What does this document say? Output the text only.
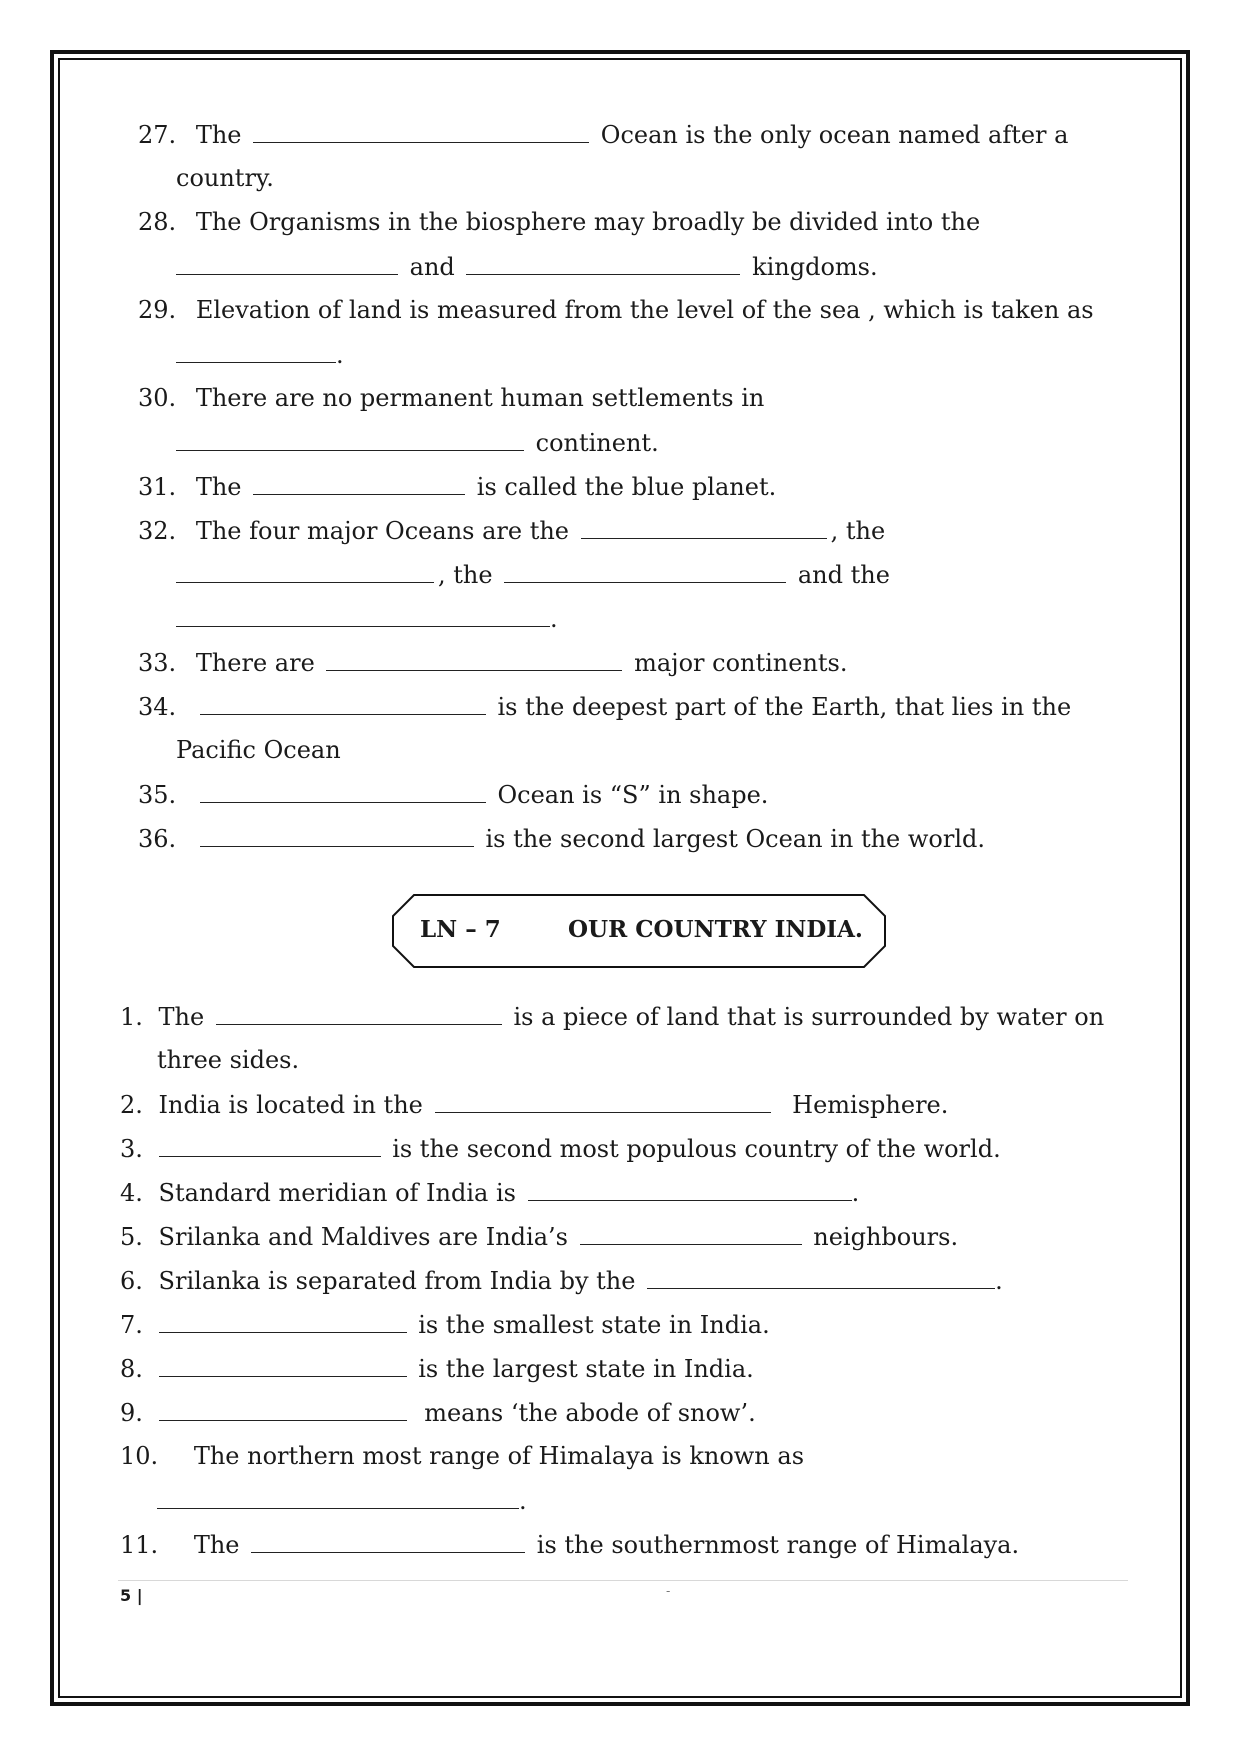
27. The	Ocean is the only ocean named after a
country.
28. The Organisms in the biosphere may broadly be divided into the
and	kingdoms.
29. Elevation of land is measured from the level of the sea , which is taken as
.
30. There are no permanent human settlements in
continent.
31. The	is called the blue planet.
32. The four major Oceans are the	, the
, the	and the
.
33. There are	major continents.
34.	is the deepest part of the Earth, that lies in the
Pacific Ocean
35.	Ocean is “S” in shape.
36.	is the second largest Ocean in the world.
LN – 7	OUR COUNTRY INDIA.
1. The	is a piece of land that is surrounded by water on
three sides.
2. India is located in the	Hemisphere.
3.	is the second most populous country of the world.
4. Standard meridian of India is	.
5. Srilanka and Maldives are India’s	neighbours.
6. Srilanka is separated from India by the	.
7.	is the smallest state in India.
8.	is the largest state in India.
9.	means ‘the abode of snow’.
10. The northern most range of Himalaya is known as
.
11. The	is the southernmost range of Himalaya.
5 |	-
